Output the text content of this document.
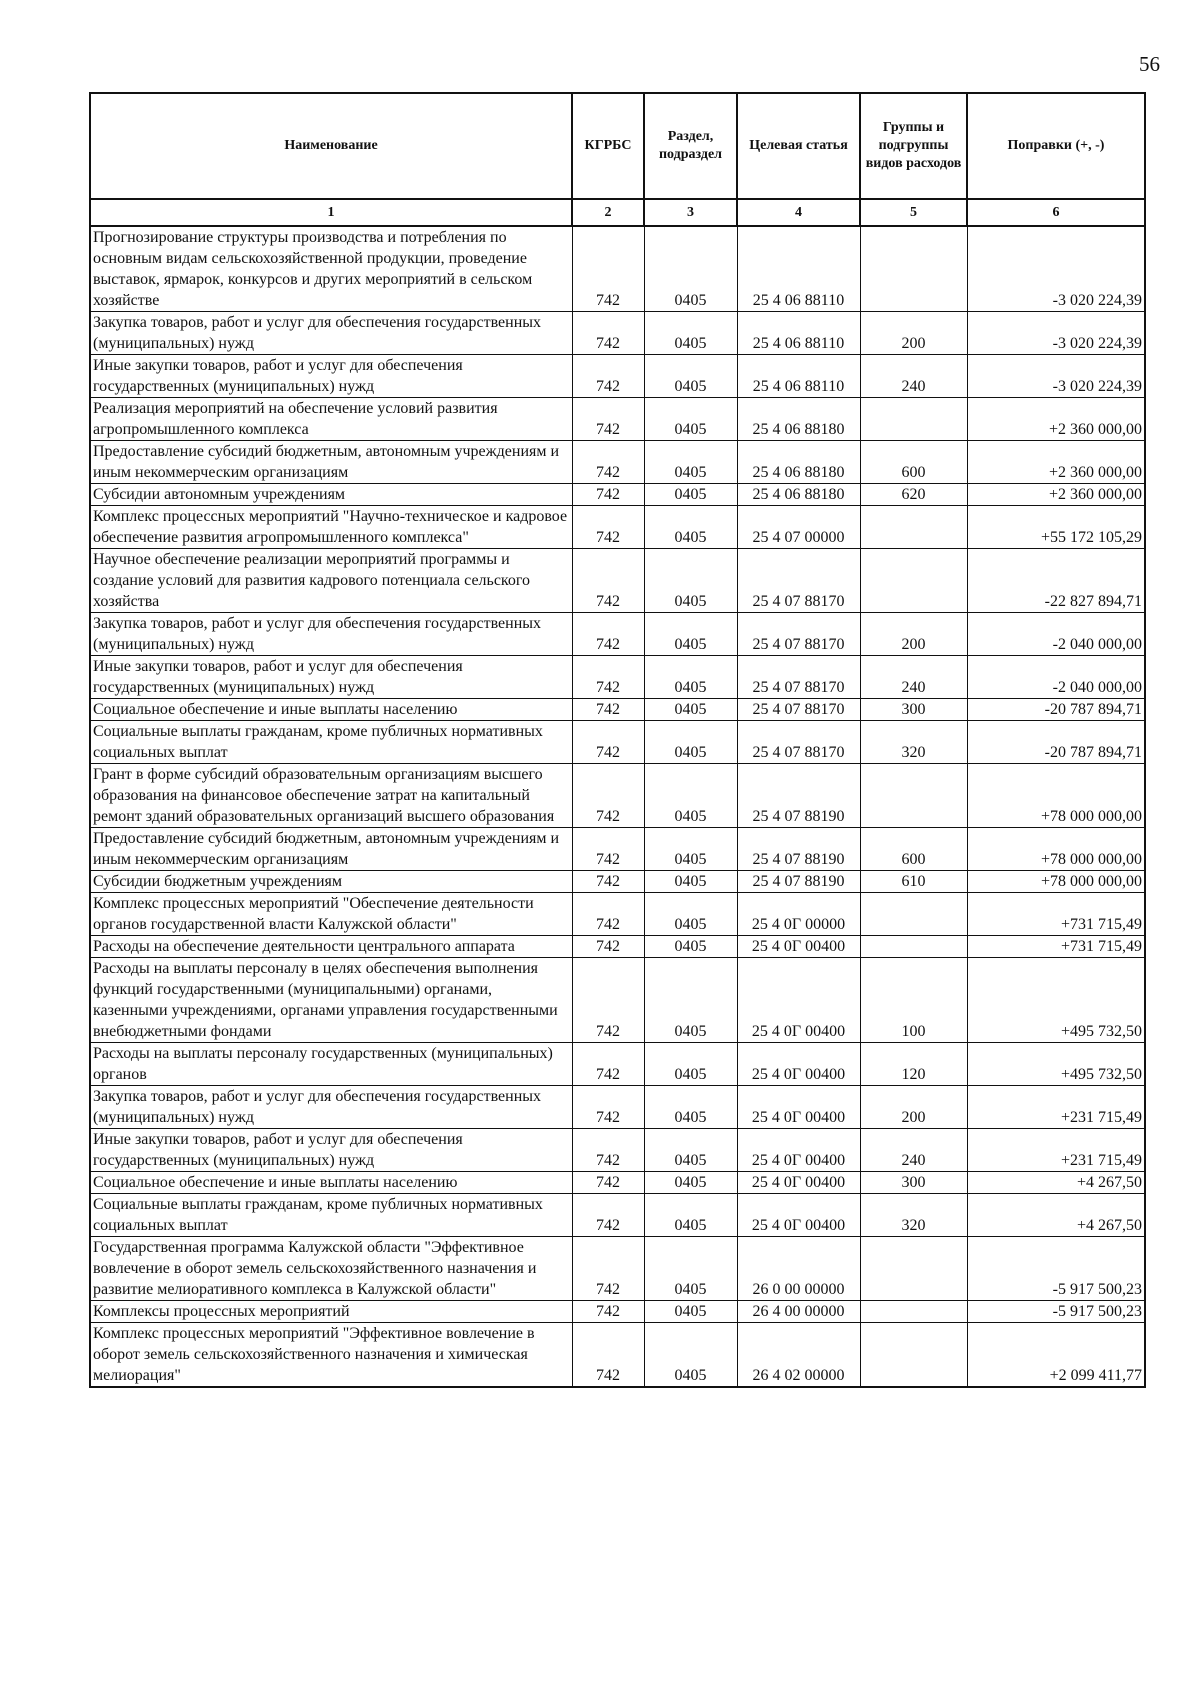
56
Наименование	КГРБС	Раздел, подраздел	Целевая статья	Группы и подгруппы видов расходов	Поправки (+, -)
1	2	3	4	5	6
Прогнозирование структуры производства и потребления по основным видам сельскохозяйственной продукции, проведение выставок, ярмарок, конкурсов и других мероприятий в сельском хозяйстве	742	0405	25 4 06 88110		-3 020 224,39
Закупка товаров, работ и услуг для обеспечения государственных (муниципальных) нужд	742	0405	25 4 06 88110	200	-3 020 224,39
Иные закупки товаров, работ и услуг для обеспечения государственных (муниципальных) нужд	742	0405	25 4 06 88110	240	-3 020 224,39
Реализация мероприятий на обеспечение условий развития агропромышленного комплекса	742	0405	25 4 06 88180		+2 360 000,00
Предоставление субсидий бюджетным, автономным учреждениям и иным некоммерческим организациям	742	0405	25 4 06 88180	600	+2 360 000,00
Субсидии автономным учреждениям	742	0405	25 4 06 88180	620	+2 360 000,00
Комплекс процессных мероприятий "Научно-техническое и кадровое обеспечение развития агропромышленного комплекса"	742	0405	25 4 07 00000		+55 172 105,29
Научное обеспечение реализации мероприятий программы и создание условий для развития кадрового потенциала сельского хозяйства	742	0405	25 4 07 88170		-22 827 894,71
Закупка товаров, работ и услуг для обеспечения государственных (муниципальных) нужд	742	0405	25 4 07 88170	200	-2 040 000,00
Иные закупки товаров, работ и услуг для обеспечения государственных (муниципальных) нужд	742	0405	25 4 07 88170	240	-2 040 000,00
Социальное обеспечение и иные выплаты населению	742	0405	25 4 07 88170	300	-20 787 894,71
Социальные выплаты гражданам, кроме публичных нормативных социальных выплат	742	0405	25 4 07 88170	320	-20 787 894,71
Грант в форме субсидий образовательным организациям высшего образования на финансовое обеспечение затрат на капитальный ремонт зданий образовательных организаций высшего образования	742	0405	25 4 07 88190		+78 000 000,00
Предоставление субсидий бюджетным, автономным учреждениям и иным некоммерческим организациям	742	0405	25 4 07 88190	600	+78 000 000,00
Субсидии бюджетным учреждениям	742	0405	25 4 07 88190	610	+78 000 000,00
Комплекс процессных мероприятий "Обеспечение деятельности органов государственной власти Калужской области"	742	0405	25 4 0Г 00000		+731 715,49
Расходы на обеспечение деятельности центрального аппарата	742	0405	25 4 0Г 00400		+731 715,49
Расходы на выплаты персоналу в целях обеспечения выполнения функций государственными (муниципальными) органами, казенными учреждениями, органами управления государственными внебюджетными фондами	742	0405	25 4 0Г 00400	100	+495 732,50
Расходы на выплаты персоналу государственных (муниципальных) органов	742	0405	25 4 0Г 00400	120	+495 732,50
Закупка товаров, работ и услуг для обеспечения государственных (муниципальных) нужд	742	0405	25 4 0Г 00400	200	+231 715,49
Иные закупки товаров, работ и услуг для обеспечения государственных (муниципальных) нужд	742	0405	25 4 0Г 00400	240	+231 715,49
Социальное обеспечение и иные выплаты населению	742	0405	25 4 0Г 00400	300	+4 267,50
Социальные выплаты гражданам, кроме публичных нормативных социальных выплат	742	0405	25 4 0Г 00400	320	+4 267,50
Государственная программа Калужской области "Эффективное вовлечение в оборот земель сельскохозяйственного назначения и развитие мелиоративного комплекса в Калужской области"	742	0405	26 0 00 00000		-5 917 500,23
Комплексы процессных мероприятий	742	0405	26 4 00 00000		-5 917 500,23
Комплекс процессных мероприятий "Эффективное вовлечение в оборот земель сельскохозяйственного назначения и химическая мелиорация"	742	0405	26 4 02 00000		+2 099 411,77
